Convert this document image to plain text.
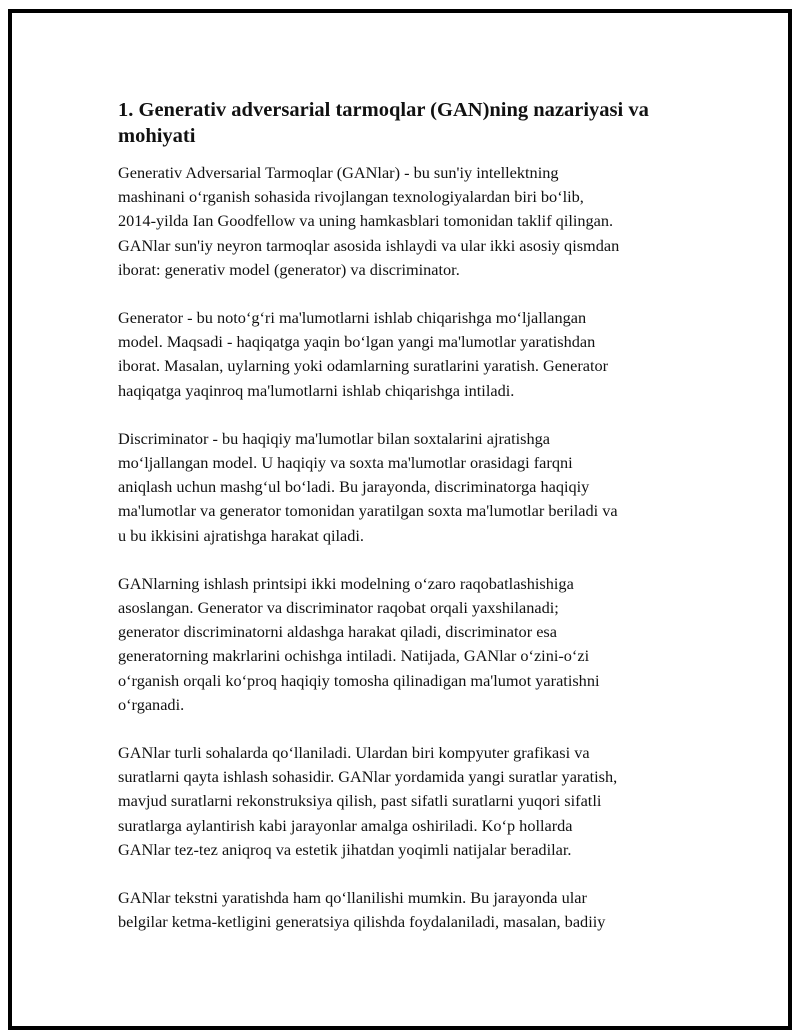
1. Generativ adversarial tarmoqlar (GAN)ning nazariyasi va
mohiyati

Generativ Adversarial Tarmoqlar (GANlar) - bu sun'iy intellektning
mashinani oʻrganish sohasida rivojlangan texnologiyalardan biri boʻlib,
2014-yilda Ian Goodfellow va uning hamkasblari tomonidan taklif qilingan.
GANlar sun'iy neyron tarmoqlar asosida ishlaydi va ular ikki asosiy qismdan
iborat: generativ model (generator) va discriminator.

Generator - bu notoʻgʻri ma'lumotlarni ishlab chiqarishga moʻljallangan
model. Maqsadi - haqiqatga yaqin boʻlgan yangi ma'lumotlar yaratishdan
iborat. Masalan, uylarning yoki odamlarning suratlarini yaratish. Generator
haqiqatga yaqinroq ma'lumotlarni ishlab chiqarishga intiladi.

Discriminator - bu haqiqiy ma'lumotlar bilan soxtalarini ajratishga
moʻljallangan model. U haqiqiy va soxta ma'lumotlar orasidagi farqni
aniqlash uchun mashgʻul boʻladi. Bu jarayonda, discriminatorga haqiqiy
ma'lumotlar va generator tomonidan yaratilgan soxta ma'lumotlar beriladi va
u bu ikkisini ajratishga harakat qiladi.

GANlarning ishlash printsipi ikki modelning oʻzaro raqobatlashishiga
asoslangan. Generator va discriminator raqobat orqali yaxshilanadi;
generator discriminatorni aldashga harakat qiladi, discriminator esa
generatorning makrlarini ochishga intiladi. Natijada, GANlar oʻzini-oʻzi
oʻrganish orqali koʻproq haqiqiy tomosha qilinadigan ma'lumot yaratishni
oʻrganadi.

GANlar turli sohalarda qoʻllaniladi. Ulardan biri kompyuter grafikasi va
suratlarni qayta ishlash sohasidir. GANlar yordamida yangi suratlar yaratish,
mavjud suratlarni rekonstruksiya qilish, past sifatli suratlarni yuqori sifatli
suratlarga aylantirish kabi jarayonlar amalga oshiriladi. Koʻp hollarda
GANlar tez-tez aniqroq va estetik jihatdan yoqimli natijalar beradilar.

GANlar tekstni yaratishda ham qoʻllanilishi mumkin. Bu jarayonda ular
belgilar ketma-ketligini generatsiya qilishda foydalaniladi, masalan, badiiy
